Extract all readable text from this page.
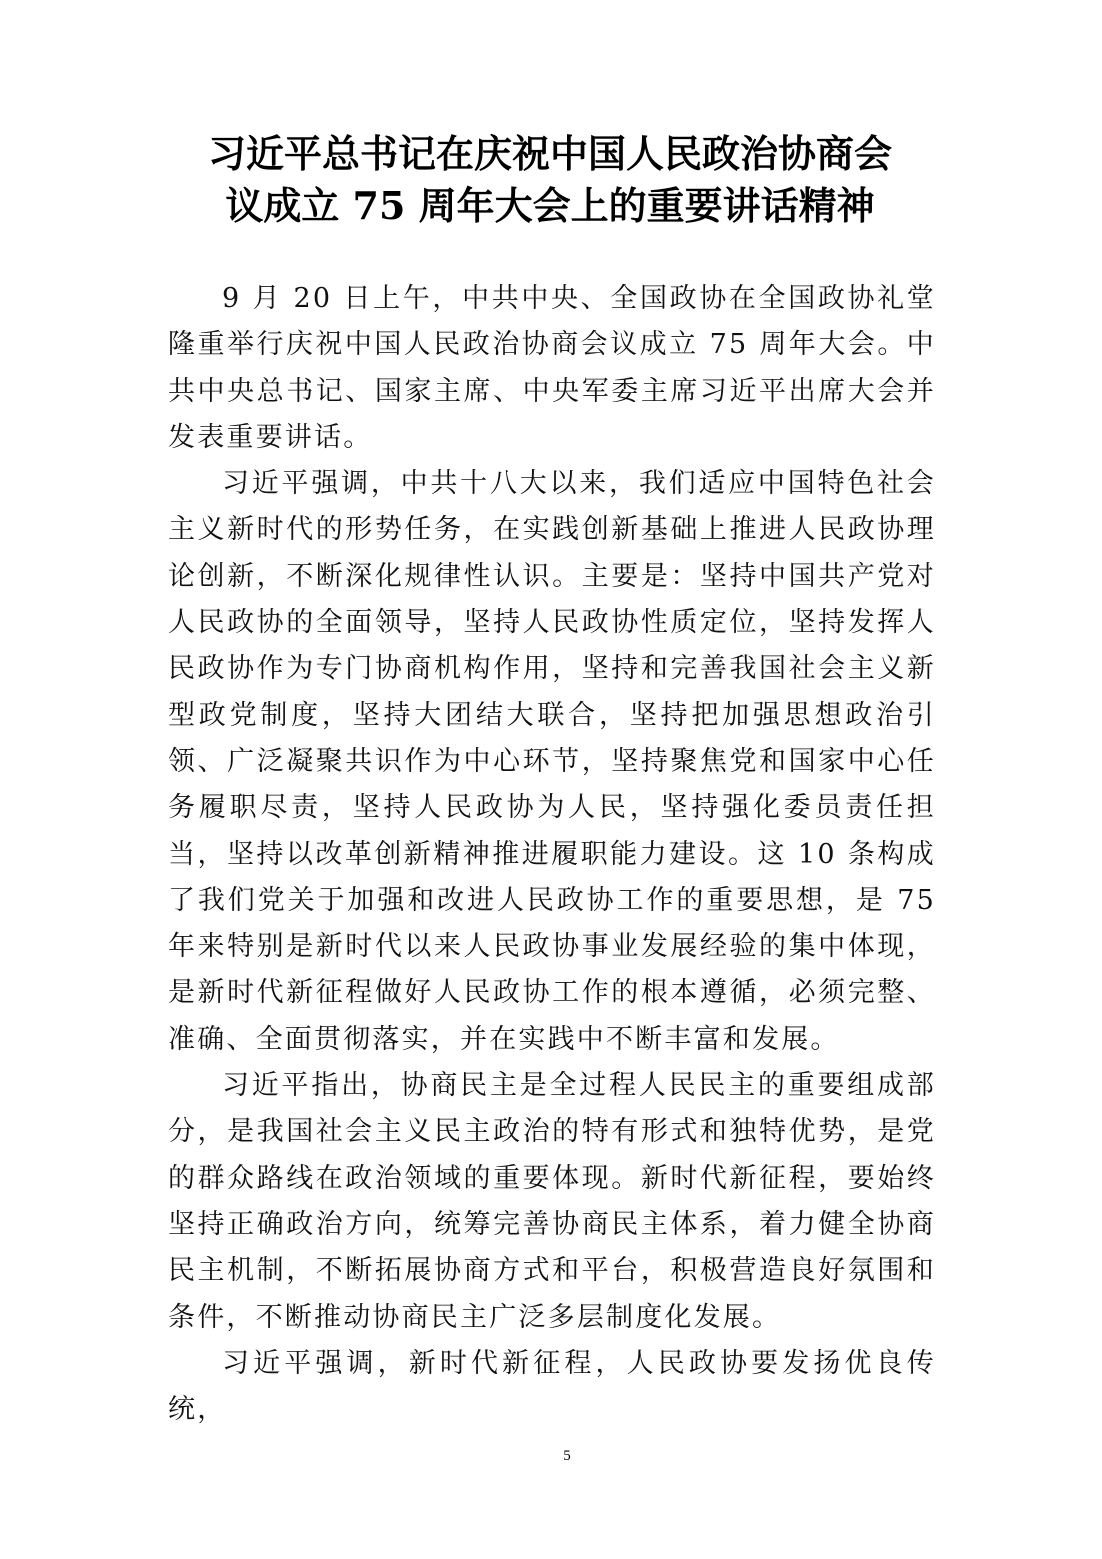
习近平总书记在庆祝中国人民政治协商会
议成立 75 周年大会上的重要讲话精神

9 月 20 日上午，中共中央、全国政协在全国政协礼堂隆重举行庆祝中国人民政治协商会议成立 75 周年大会。中共中央总书记、国家主席、中央军委主席习近平出席大会并发表重要讲话。

习近平强调，中共十八大以来，我们适应中国特色社会主义新时代的形势任务，在实践创新基础上推进人民政协理论创新，不断深化规律性认识。主要是：坚持中国共产党对人民政协的全面领导，坚持人民政协性质定位，坚持发挥人民政协作为专门协商机构作用，坚持和完善我国社会主义新型政党制度，坚持大团结大联合，坚持把加强思想政治引领、广泛凝聚共识作为中心环节，坚持聚焦党和国家中心任务履职尽责，坚持人民政协为人民，坚持强化委员责任担当，坚持以改革创新精神推进履职能力建设。这 10 条构成了我们党关于加强和改进人民政协工作的重要思想，是 75 年来特别是新时代以来人民政协事业发展经验的集中体现，是新时代新征程做好人民政协工作的根本遵循，必须完整、准确、全面贯彻落实，并在实践中不断丰富和发展。

习近平指出，协商民主是全过程人民民主的重要组成部分，是我国社会主义民主政治的特有形式和独特优势，是党的群众路线在政治领域的重要体现。新时代新征程，要始终坚持正确政治方向，统筹完善协商民主体系，着力健全协商民主机制，不断拓展协商方式和平台，积极营造良好氛围和条件，不断推动协商民主广泛多层制度化发展。

习近平强调，新时代新征程，人民政协要发扬优良传统，

5
